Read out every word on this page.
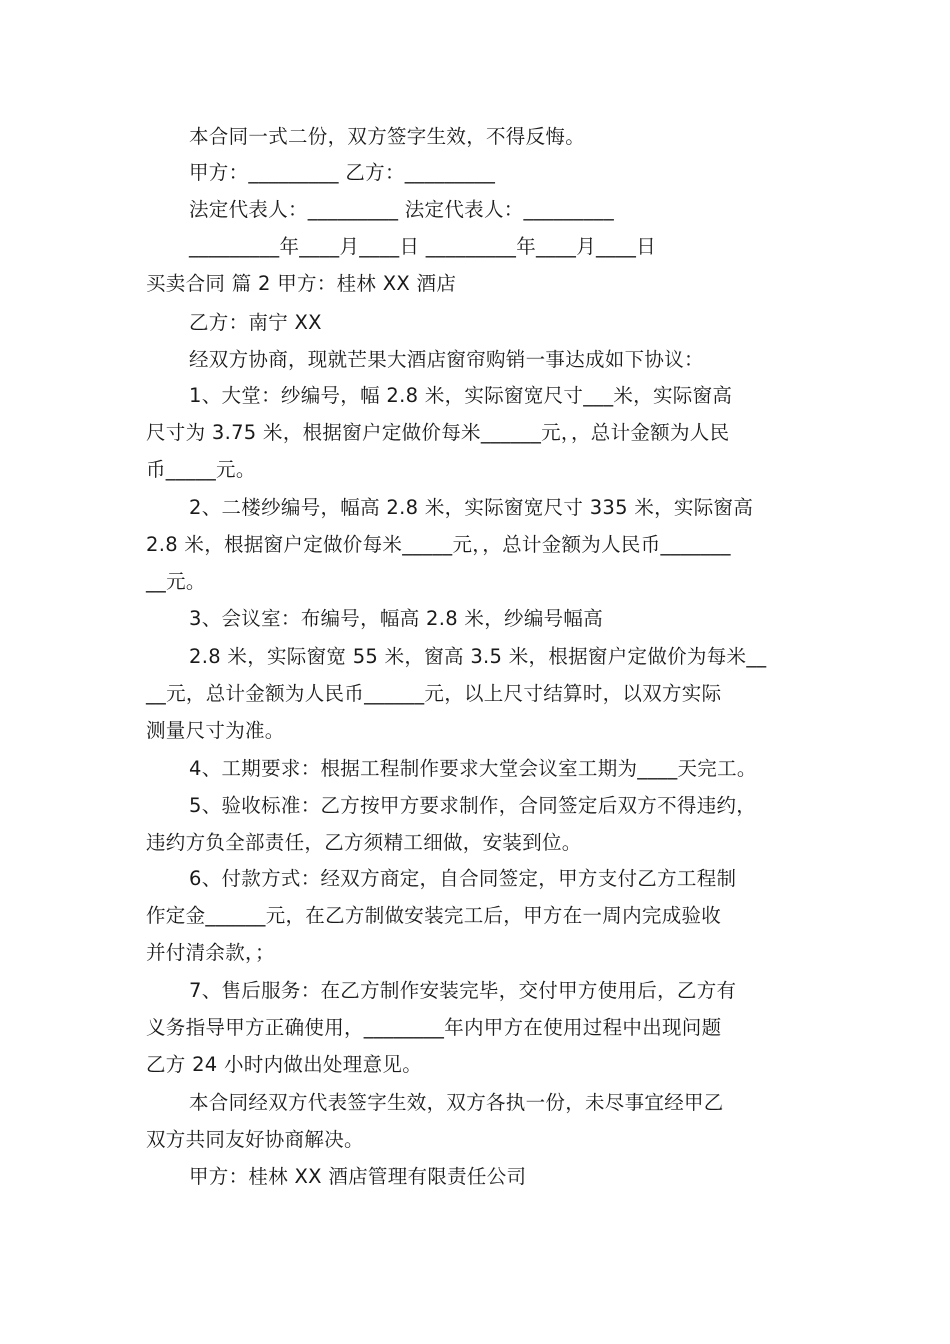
本合同一式二份，双方签字生效，不得反悔。
甲方：_________ 乙方：_________
法定代表人：_________ 法定代表人：_________
_________年____月____日 _________年____月____日
买卖合同 篇 2 甲方：桂林 XX 酒店
乙方：南宁 XX
经双方协商，现就芒果大酒店窗帘购销一事达成如下协议：
1、大堂：纱编号，幅 2.8 米，实际窗宽尺寸___米，实际窗高
尺寸为 3.75 米，根据窗户定做价每米______元，，总计金额为人民
币_____元。
2、二楼纱编号，幅高 2.8 米，实际窗宽尺寸 335 米，实际窗高
2.8 米，根据窗户定做价每米_____元，，总计金额为人民币_______
__元。
3、会议室：布编号，幅高 2.8 米，纱编号幅高
2.8 米，实际窗宽 55 米，窗高 3.5 米，根据窗户定做价为每米__
__元，总计金额为人民币______元，以上尺寸结算时，以双方实际
测量尺寸为准。
4、工期要求：根据工程制作要求大堂会议室工期为____天完工。
5、验收标准：乙方按甲方要求制作，合同签定后双方不得违约，
违约方负全部责任，乙方须精工细做，安装到位。
6、付款方式：经双方商定，自合同签定，甲方支付乙方工程制
作定金______元，在乙方制做安装完工后，甲方在一周内完成验收
并付清余款，；
7、售后服务：在乙方制作安装完毕，交付甲方使用后，乙方有
义务指导甲方正确使用，________年内甲方在使用过程中出现问题
乙方 24 小时内做出处理意见。
本合同经双方代表签字生效，双方各执一份，未尽事宜经甲乙
双方共同友好协商解决。
甲方：桂林 XX 酒店管理有限责任公司
